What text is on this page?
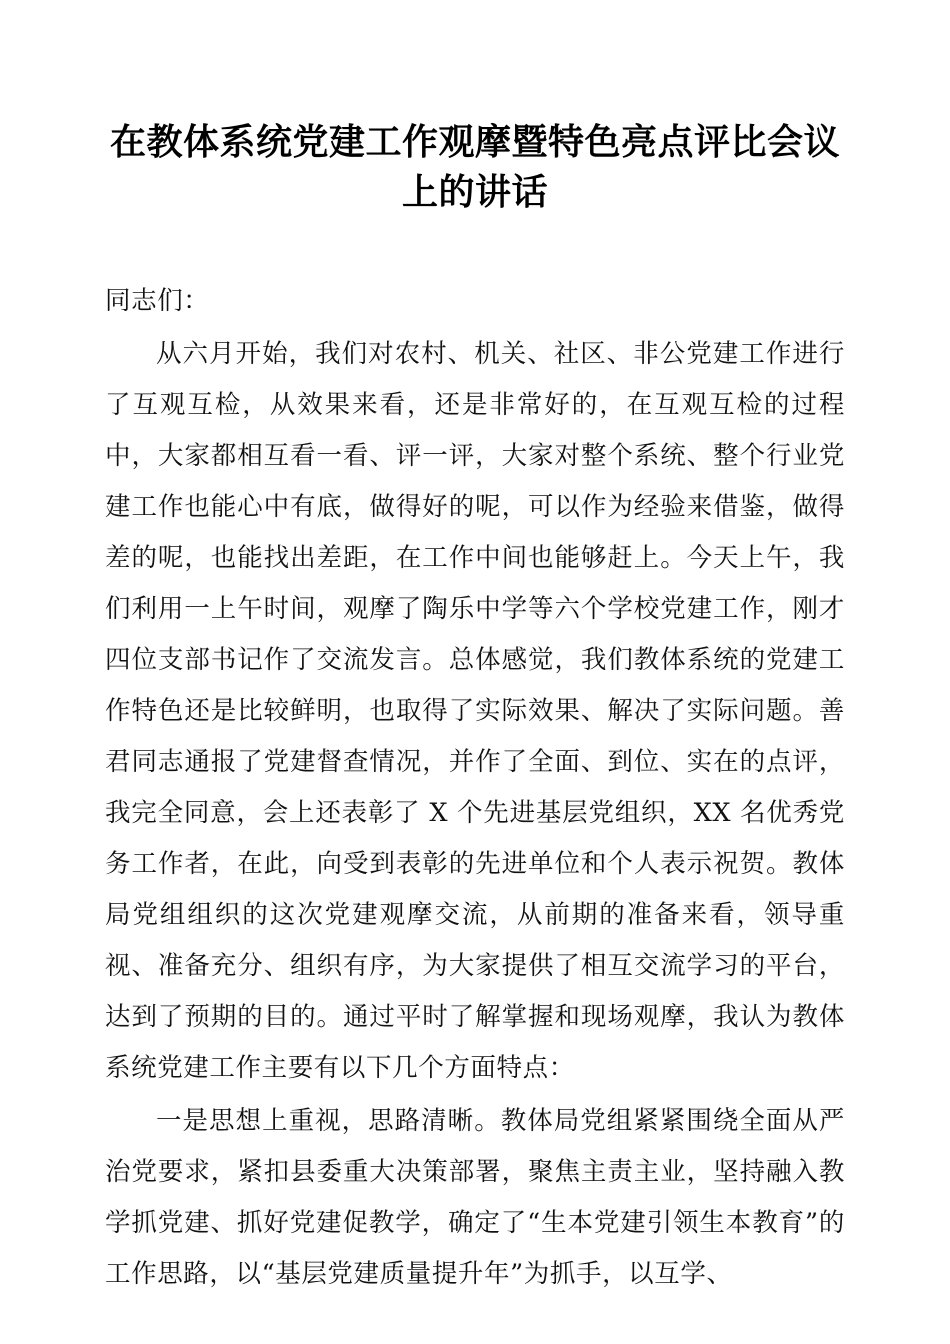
在教体系统党建工作观摩暨特色亮点评比会议上的讲话

同志们：

从六月开始，我们对农村、机关、社区、非公党建工作进行了互观互检，从效果来看，还是非常好的，在互观互检的过程中，大家都相互看一看、评一评，大家对整个系统、整个行业党建工作也能心中有底，做得好的呢，可以作为经验来借鉴，做得差的呢，也能找出差距，在工作中间也能够赶上。今天上午，我们利用一上午时间，观摩了陶乐中学等六个学校党建工作，刚才四位支部书记作了交流发言。总体感觉，我们教体系统的党建工作特色还是比较鲜明，也取得了实际效果、解决了实际问题。善君同志通报了党建督查情况，并作了全面、到位、实在的点评，我完全同意，会上还表彰了 X 个先进基层党组织，XX 名优秀党务工作者，在此，向受到表彰的先进单位和个人表示祝贺。教体局党组组织的这次党建观摩交流，从前期的准备来看，领导重视、准备充分、组织有序，为大家提供了相互交流学习的平台，达到了预期的目的。通过平时了解掌握和现场观摩，我认为教体系统党建工作主要有以下几个方面特点：

一是思想上重视，思路清晰。教体局党组紧紧围绕全面从严治党要求，紧扣县委重大决策部署，聚焦主责主业，坚持融入教学抓党建、抓好党建促教学，确定了“生本党建引领生本教育”的工作思路，以“基层党建质量提升年”为抓手，以互学、
